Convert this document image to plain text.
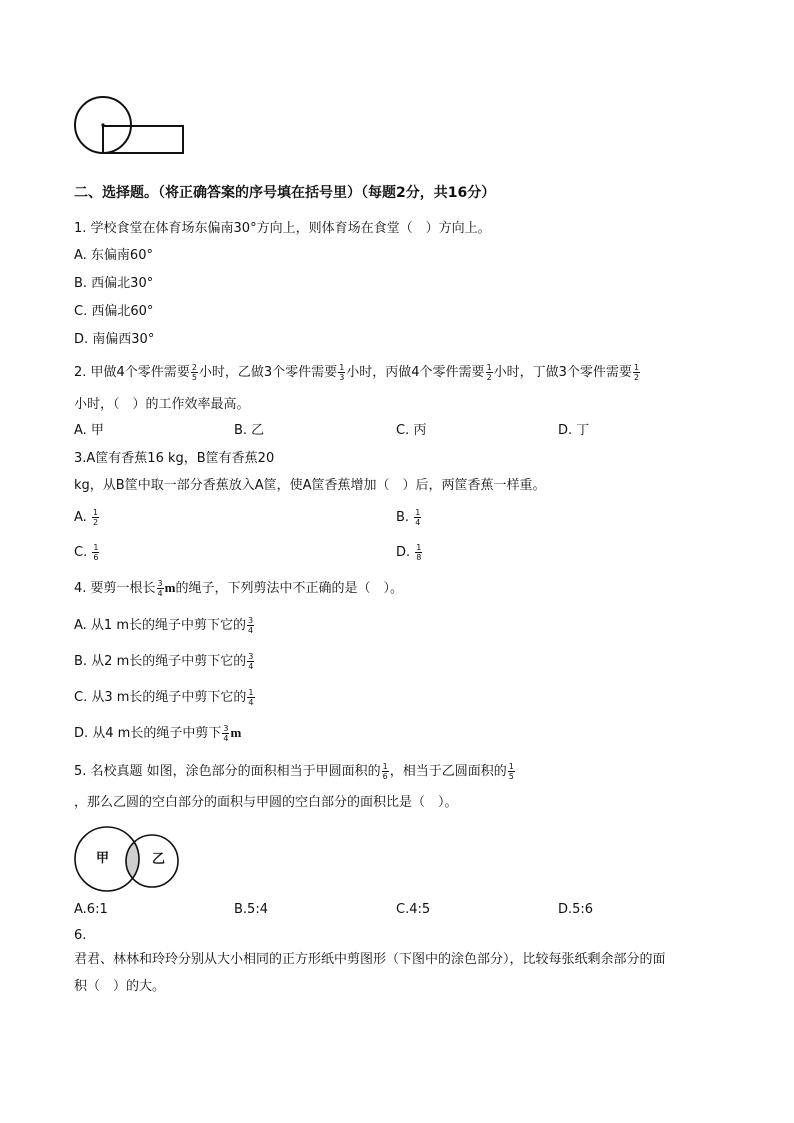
二、选择题。（将正确答案的序号填在括号里）（每题2分，共16分）
1. 学校食堂在体育场东偏南30°方向上，则体育场在食堂（　）方向上。
A. 东偏南60°
B. 西偏北30°
C. 西偏北60°
D. 南偏西30°
2. 甲做4个零件需要 $\frac{2}{5}$ 小时，乙做3个零件需要 $\frac{1}{3}$ 小时，丙做4个零件需要 $\frac{1}{2}$ 小时，丁做3个零件需要 $\frac{1}{2}$
小时，（　）的工作效率最高。
A. 甲	B. 乙	C. 丙	D. 丁
3.A筐有香蕉16 kg，B筐有香蕉20
kg，从B筐中取一部分香蕉放入A筐，使A筐香蕉增加（　）后，两筐香蕉一样重。
A. $\frac{1}{2}$	B. $\frac{1}{4}$
C. $\frac{1}{6}$	D. $\frac{1}{8}$
4. 要剪一根长 $\frac{3}{4}$ m的绳子，下列剪法中不正确的是（　）。
A. 从1 m长的绳子中剪下它的 $\frac{3}{4}$
B. 从2 m长的绳子中剪下它的 $\frac{3}{4}$
C. 从3 m长的绳子中剪下它的 $\frac{1}{4}$
D. 从4 m长的绳子中剪下 $\frac{3}{4}$ m
5. 名校真题 如图，涂色部分的面积相当于甲圆面积的 $\frac{1}{6}$ ，相当于乙圆面积的 $\frac{1}{5}$
，那么乙圆的空白部分的面积与甲圆的空白部分的面积比是（　）。
甲	乙
A.6:1	B.5:4	C.4:5	D.5:6
6.
君君、林林和玲玲分别从大小相同的正方形纸中剪图形（下图中的涂色部分），比较每张纸剩余部分的面
积（　）的大。
